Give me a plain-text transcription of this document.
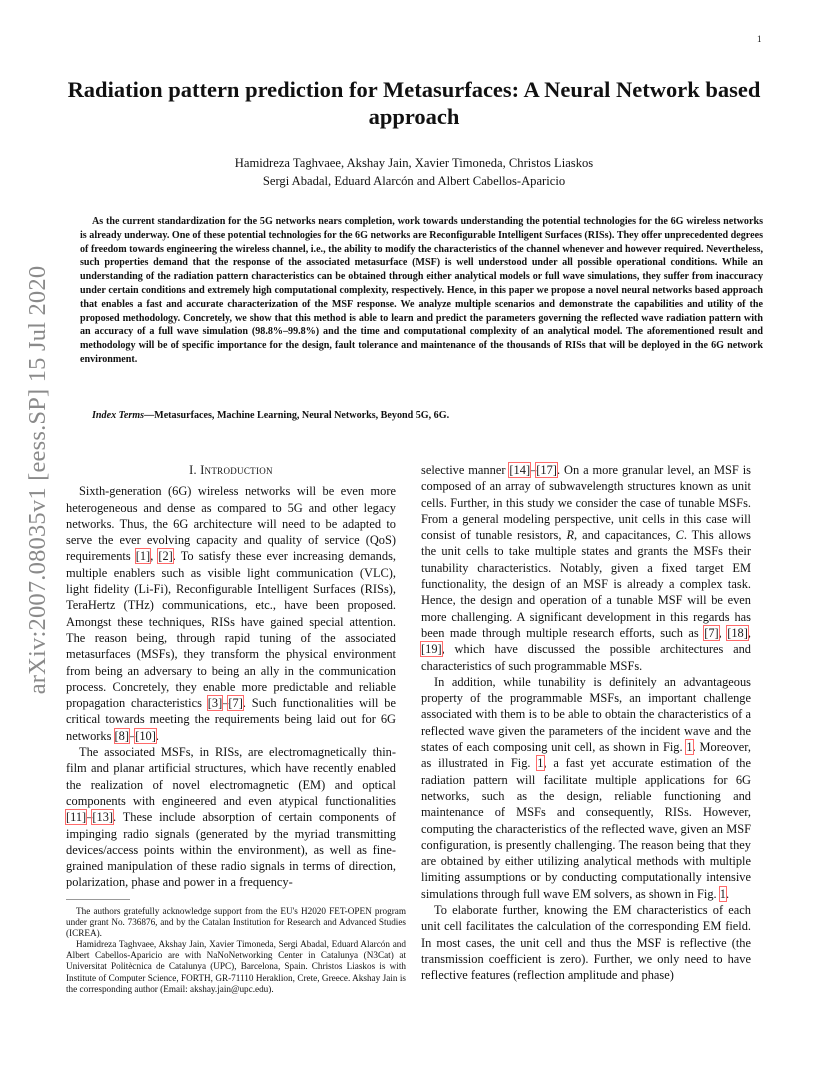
1
arXiv:2007.08035v1 [eess.SP] 15 Jul 2020
Radiation pattern prediction for Metasurfaces: A Neural Network based approach
Hamidreza Taghvaee, Akshay Jain, Xavier Timoneda, Christos Liaskos
Sergi Abadal, Eduard Alarcón and Albert Cabellos-Aparicio

As the current standardization for the 5G networks nears completion, work towards understanding the potential technologies for the 6G wireless networks is already underway. One of these potential technologies for the 6G networks are Reconfigurable Intelligent Surfaces (RISs). They offer unprecedented degrees of freedom towards engineering the wireless channel, i.e., the ability to modify the characteristics of the channel whenever and however required. Nevertheless, such properties demand that the response of the associated metasurface (MSF) is well understood under all possible operational conditions. While an understanding of the radiation pattern characteristics can be obtained through either analytical models or full wave simulations, they suffer from inaccuracy under certain conditions and extremely high computational complexity, respectively. Hence, in this paper we propose a novel neural networks based approach that enables a fast and accurate characterization of the MSF response. We analyze multiple scenarios and demonstrate the capabilities and utility of the proposed methodology. Concretely, we show that this method is able to learn and predict the parameters governing the reflected wave radiation pattern with an accuracy of a full wave simulation (98.8%–99.8%) and the time and computational complexity of an analytical model. The aforementioned result and methodology will be of specific importance for the design, fault tolerance and maintenance of the thousands of RISs that will be deployed in the 6G network environment.

Index Terms—Metasurfaces, Machine Learning, Neural Networks, Beyond 5G, 6G.

I. Introduction

Sixth-generation (6G) wireless networks will be even more heterogeneous and dense as compared to 5G and other legacy networks. Thus, the 6G architecture will need to be adapted to serve the ever evolving capacity and quality of service (QoS) requirements [1], [2]. To satisfy these ever increasing demands, multiple enablers such as visible light communication (VLC), light fidelity (Li-Fi), Reconfigurable Intelligent Surfaces (RISs), TeraHertz (THz) communications, etc., have been proposed. Amongst these techniques, RISs have gained special attention. The reason being, through rapid tuning of the associated metasurfaces (MSFs), they transform the physical environment from being an adversary to being an ally in the communication process. Concretely, they enable more predictable and reliable propagation characteristics [3]–[7]. Such functionalities will be critical towards meeting the requirements being laid out for 6G networks [8]–[10].

The associated MSFs, in RISs, are electromagnetically thin-film and planar artificial structures, which have recently enabled the realization of novel electromagnetic (EM) and optical components with engineered and even atypical functionalities [11]–[13]. These include absorption of certain components of impinging radio signals (generated by the myriad transmitting devices/access points within the environment), as well as fine-grained manipulation of these radio signals in terms of direction, polarization, phase and power in a frequency-

The authors gratefully acknowledge support from the EU's H2020 FET-OPEN program under grant No. 736876, and by the Catalan Institution for Research and Advanced Studies (ICREA).

Hamidreza Taghvaee, Akshay Jain, Xavier Timoneda, Sergi Abadal, Eduard Alarcón and Albert Cabellos-Aparicio are with NaNoNetworking Center in Catalunya (N3Cat) at Universitat Politècnica de Catalunya (UPC), Barcelona, Spain. Christos Liaskos is with Institute of Computer Science, FORTH, GR-71110 Heraklion, Crete, Greece. Akshay Jain is the corresponding author (Email: akshay.jain@upc.edu).

selective manner [14]–[17]. On a more granular level, an MSF is composed of an array of subwavelength structures known as unit cells. Further, in this study we consider the case of tunable MSFs. From a general modeling perspective, unit cells in this case will consist of tunable resistors, R, and capacitances, C. This allows the unit cells to take multiple states and grants the MSFs their tunability characteristics. Notably, given a fixed target EM functionality, the design of an MSF is already a complex task. Hence, the design and operation of a tunable MSF will be even more challenging. A significant development in this regards has been made through multiple research efforts, such as [7], [18], [19], which have discussed the possible architectures and characteristics of such programmable MSFs.

In addition, while tunability is definitely an advantageous property of the programmable MSFs, an important challenge associated with them is to be able to obtain the characteristics of a reflected wave given the parameters of the incident wave and the states of each composing unit cell, as shown in Fig. 1. Moreover, as illustrated in Fig. 1, a fast yet accurate estimation of the radiation pattern will facilitate multiple applications for 6G networks, such as the design, reliable functioning and maintenance of MSFs and consequently, RISs. However, computing the characteristics of the reflected wave, given an MSF configuration, is presently challenging. The reason being that they are obtained by either utilizing analytical methods with multiple limiting assumptions or by conducting computationally intensive simulations through full wave EM solvers, as shown in Fig. 1.

To elaborate further, knowing the EM characteristics of each unit cell facilitates the calculation of the corresponding EM field. In most cases, the unit cell and thus the MSF is reflective (the transmission coefficient is zero). Further, we only need to have reflective features (reflection amplitude and phase)
